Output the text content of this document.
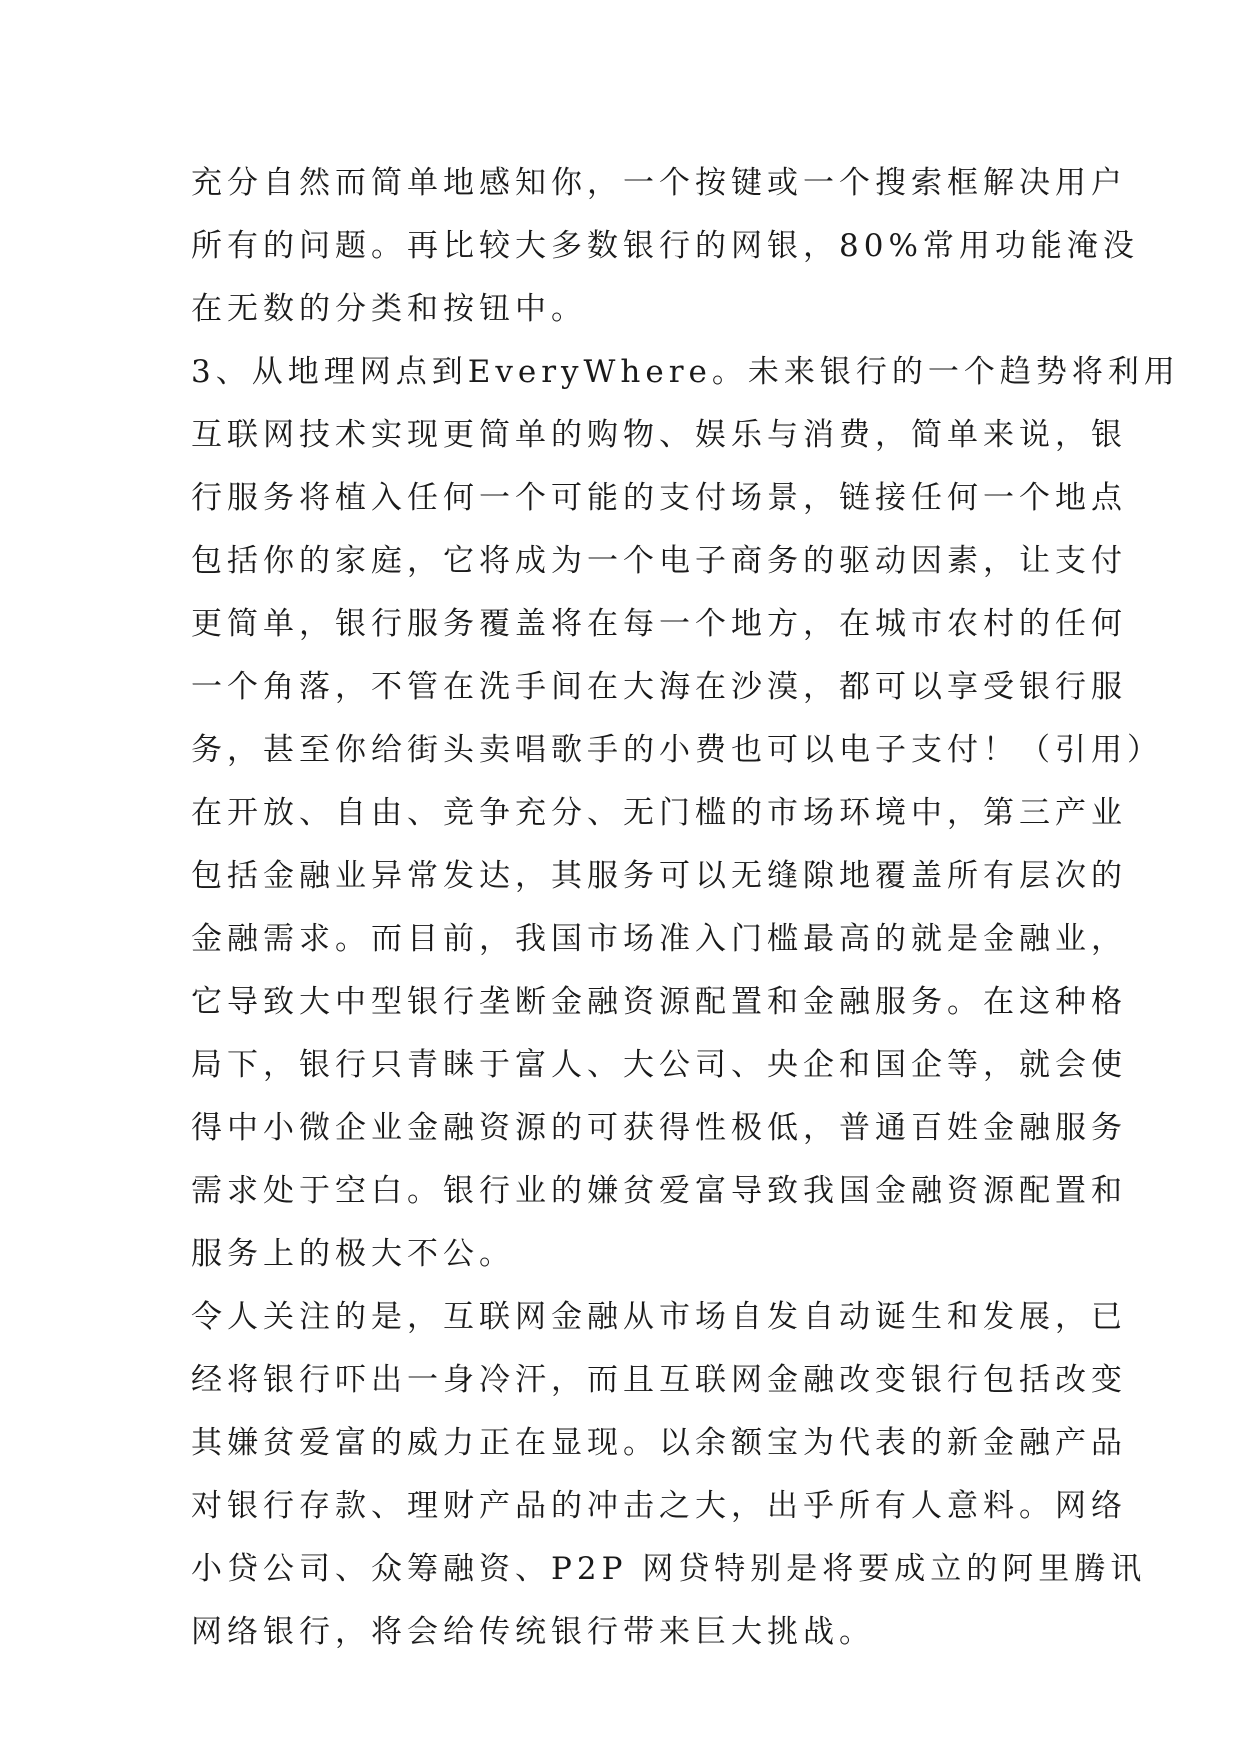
充分自然而简单地感知你，一个按键或一个搜索框解决用户
所有的问题。再比较大多数银行的网银，80%常用功能淹没
在无数的分类和按钮中。
3、从地理网点到EveryWhere。未来银行的一个趋势将利用
互联网技术实现更简单的购物、娱乐与消费，简单来说，银
行服务将植入任何一个可能的支付场景，链接任何一个地点
包括你的家庭，它将成为一个电子商务的驱动因素，让支付
更简单，银行服务覆盖将在每一个地方，在城市农村的任何
一个角落，不管在洗手间在大海在沙漠，都可以享受银行服
务，甚至你给街头卖唱歌手的小费也可以电子支付！（引用）
在开放、自由、竞争充分、无门槛的市场环境中，第三产业
包括金融业异常发达，其服务可以无缝隙地覆盖所有层次的
金融需求。而目前，我国市场准入门槛最高的就是金融业，
它导致大中型银行垄断金融资源配置和金融服务。在这种格
局下，银行只青睐于富人、大公司、央企和国企等，就会使
得中小微企业金融资源的可获得性极低，普通百姓金融服务
需求处于空白。银行业的嫌贫爱富导致我国金融资源配置和
服务上的极大不公。
令人关注的是，互联网金融从市场自发自动诞生和发展，已
经将银行吓出一身冷汗，而且互联网金融改变银行包括改变
其嫌贫爱富的威力正在显现。以余额宝为代表的新金融产品
对银行存款、理财产品的冲击之大，出乎所有人意料。网络
小贷公司、众筹融资、P2P 网贷特别是将要成立的阿里腾讯
网络银行，将会给传统银行带来巨大挑战。
